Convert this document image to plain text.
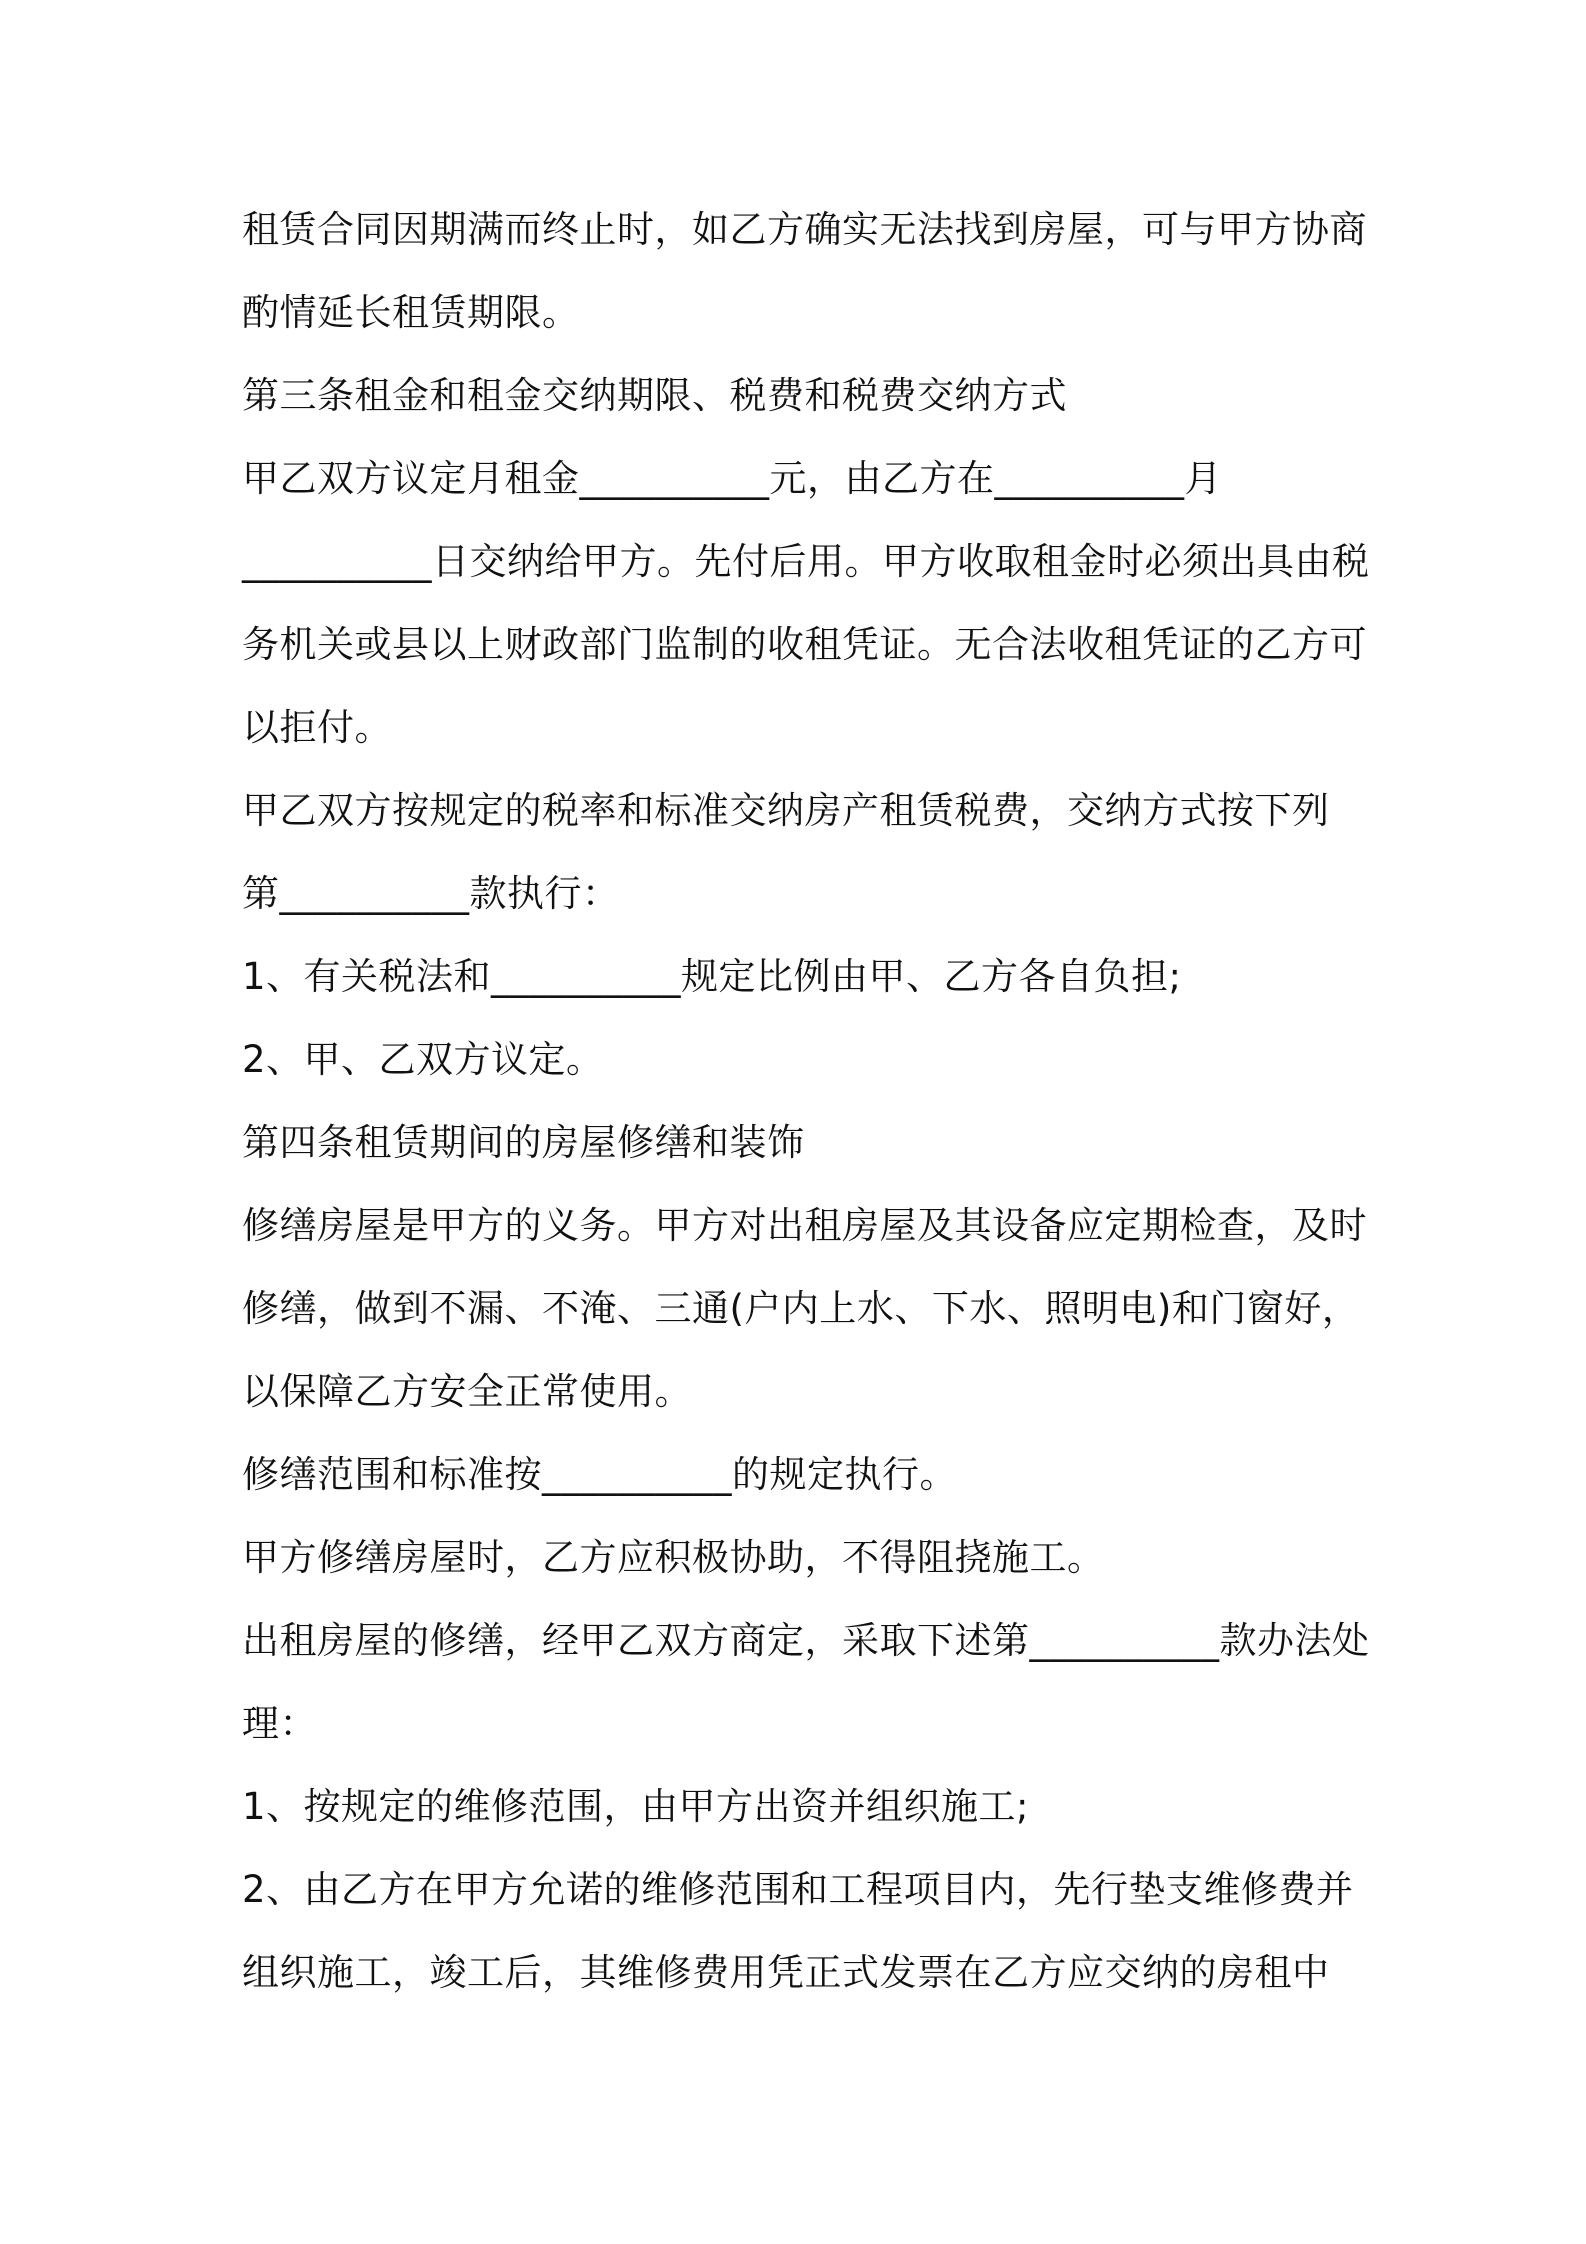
租赁合同因期满而终止时，如乙方确实无法找到房屋，可与甲方协商
酌情延长租赁期限。
第三条租金和租金交纳期限、税费和税费交纳方式
甲乙双方议定月租金__________元，由乙方在__________月
__________日交纳给甲方。先付后用。甲方收取租金时必须出具由税
务机关或县以上财政部门监制的收租凭证。无合法收租凭证的乙方可
以拒付。
甲乙双方按规定的税率和标准交纳房产租赁税费，交纳方式按下列
第__________款执行：
1、有关税法和__________规定比例由甲、乙方各自负担;
2、甲、乙双方议定。
第四条租赁期间的房屋修缮和装饰
修缮房屋是甲方的义务。甲方对出租房屋及其设备应定期检查，及时
修缮，做到不漏、不淹、三通(户内上水、下水、照明电)和门窗好，
以保障乙方安全正常使用。
修缮范围和标准按__________的规定执行。
甲方修缮房屋时，乙方应积极协助，不得阻挠施工。
出租房屋的修缮，经甲乙双方商定，采取下述第__________款办法处
理：
1、按规定的维修范围，由甲方出资并组织施工;
2、由乙方在甲方允诺的维修范围和工程项目内，先行垫支维修费并
组织施工，竣工后，其维修费用凭正式发票在乙方应交纳的房租中
